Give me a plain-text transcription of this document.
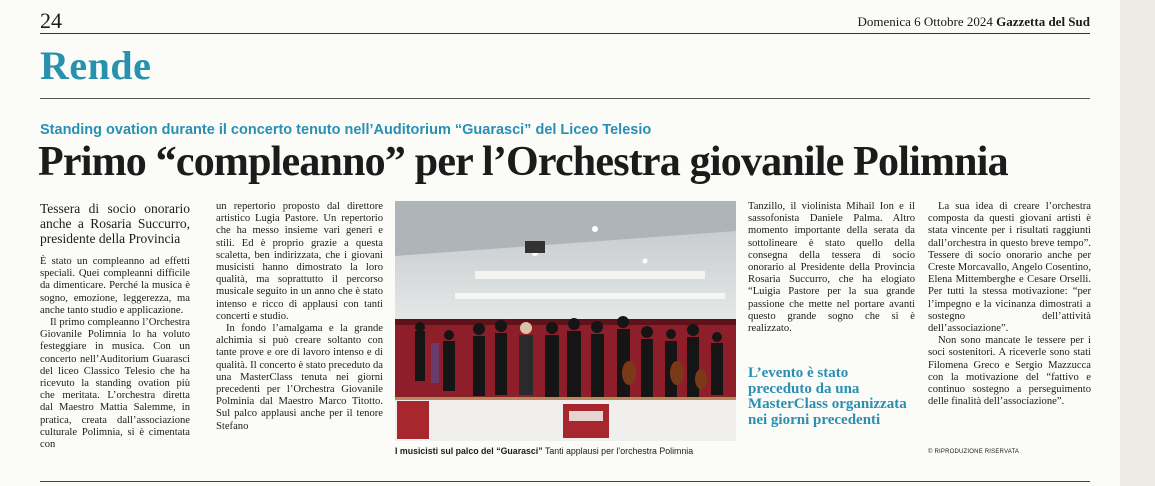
24	Domenica 6 Ottobre 2024 Gazzetta del Sud
Rende
Standing ovation durante il concerto tenuto nell’Auditorium “Guarasci” del Liceo Telesio
Primo “compleanno” per l’Orchestra giovanile Polimnia
Tessera di socio onorario anche a Rosaria Succurro, presidente della Provincia

È stato un compleanno ad effetti speciali. Quei compleanni difficile da dimenticare. Perché la musica è sogno, emozione, leggerezza, ma anche tanto studio e applicazione.

Il primo compleanno l’Orchestra Giovanile Polimnia lo ha voluto festeggiare in musica. Con un concerto nell’Auditorium Guarasci del liceo Classico Telesio che ha ricevuto la standing ovation più che meritata. L’orchestra diretta dal Maestro Mattia Salemme, in pratica, creata dall’associazione culturale Polimnia, si è cimentata con

un repertorio proposto dal direttore artistico Lugia Pastore. Un repertorio che ha messo insieme vari generi e stili. Ed è proprio grazie a questa scaletta, ben indirizzata, che i giovani musicisti hanno dimostrato la loro qualità, ma soprattutto il percorso musicale seguito in un anno che è stato intenso e ricco di applausi con tanti concerti e studio.

In fondo l’amalgama e la grande alchimia si può creare soltanto con tante prove e ore di lavoro intenso e di qualità. Il concerto è stato preceduto da una MasterClass tenuta nei giorni precedenti per l’Orchestra Giovanile Polminia dal Maestro Marco Titotto. Sul palco applausi anche per il tenore Stefano

I musicisti sul palco del “Guarasci” Tanti applausi per l’orchestra Polimnia

Tanzillo, il violinista Mihail Ion e il sassofonista Daniele Palma. Altro momento importante della serata da sottolineare è stato quello della consegna della tessera di socio onorario al Presidente della Provincia Rosaria Succurro, che ha elogiato “Luigia Pastore per la sua grande passione che mette nel portare avanti questo grande sogno che si è realizzato.

L’evento è stato preceduto da una MasterClass organizzata nei giorni precedenti

La sua idea di creare l’orchestra composta da questi giovani artisti è stata vincente per i risultati raggiunti dall’orchestra in questo breve tempo”. Tessere di socio onorario anche per Creste Morcavallo, Angelo Cosentino, Elena Mittemberghe e Cesare Orselli. Per tutti la stessa motivazione: “per l’impegno e la vicinanza dimostrati a sostegno dell’attività dell’associazione”.

Non sono mancate le tessere per i soci sostenitori. A riceverle sono stati Filomena Greco e Sergio Mazzucca con la motivazione del “fattivo e continuo sostegno a perseguimento delle finalità dell’associazione”.

© RIPRODUZIONE RISERVATA
